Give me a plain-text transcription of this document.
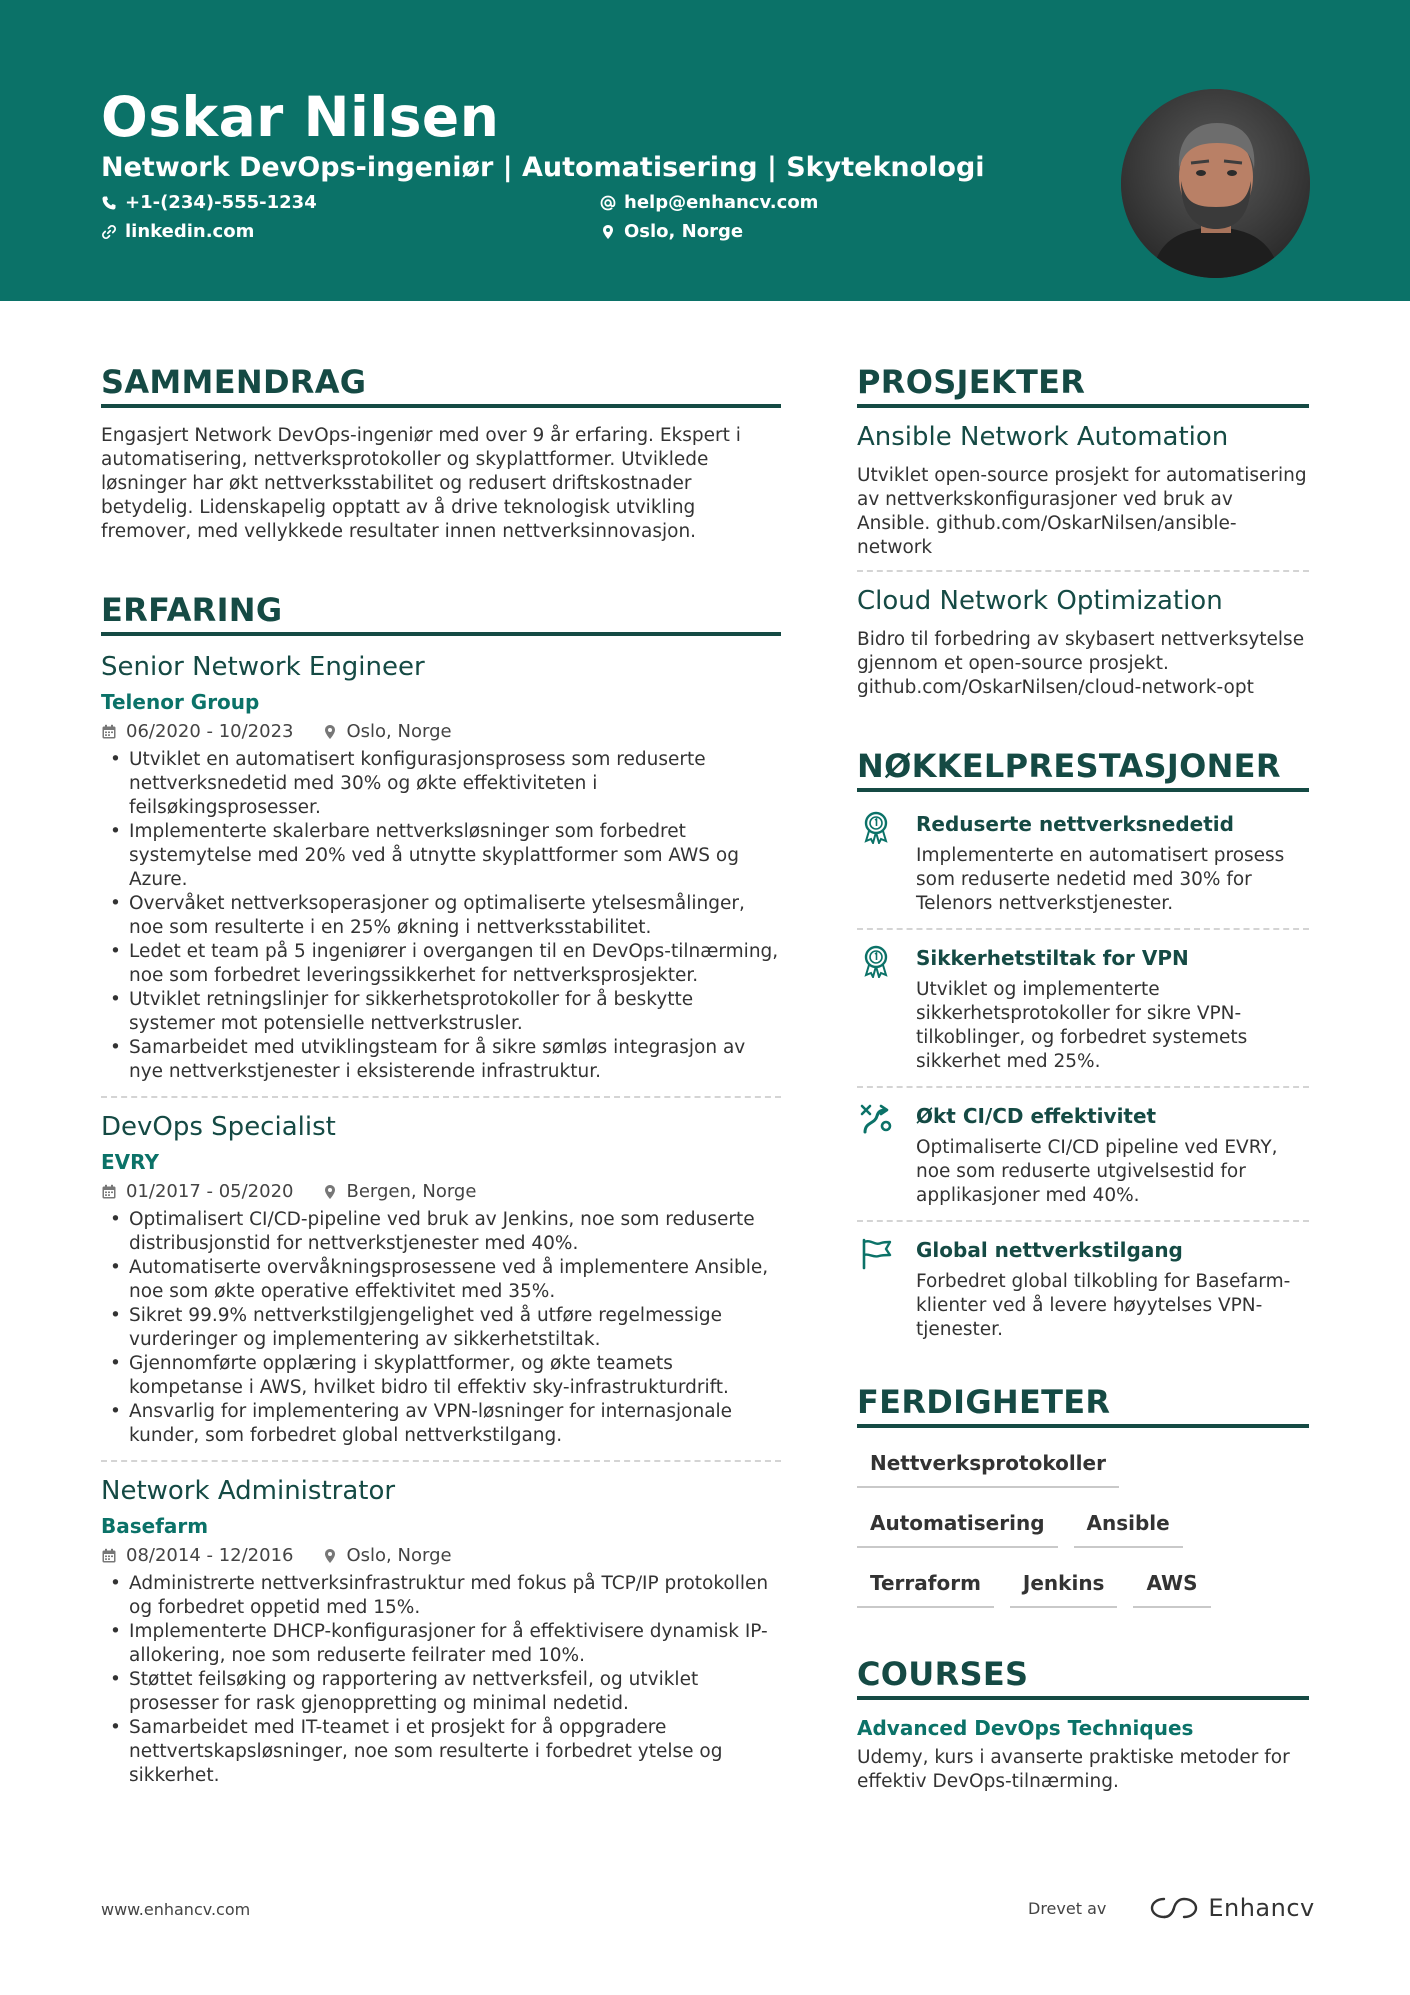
Oskar Nilsen
Network DevOps-ingeniør | Automatisering | Skyteknologi
+1-(234)-555-1234	help@enhancv.com
linkedin.com	Oslo, Norge
SAMMENDRAG
Engasjert Network DevOps-ingeniør med over 9 år erfaring. Ekspert i automatisering, nettverksprotokoller og skyplattformer. Utviklede løsninger har økt nettverksstabilitet og redusert driftskostnader betydelig. Lidenskapelig opptatt av å drive teknologisk utvikling fremover, med vellykkede resultater innen nettverksinnovasjon.
ERFARING
Senior Network Engineer
Telenor Group
06/2020 - 10/2023	Oslo, Norge
• Utviklet en automatisert konfigurasjonsprosess som reduserte nettverksnedetid med 30% og økte effektiviteten i feilsøkingsprosesser.
• Implementerte skalerbare nettverksløsninger som forbedret systemytelse med 20% ved å utnytte skyplattformer som AWS og Azure.
• Overvåket nettverksoperasjoner og optimaliserte ytelsesmålinger, noe som resulterte i en 25% økning i nettverksstabilitet.
• Ledet et team på 5 ingeniører i overgangen til en DevOps-tilnærming, noe som forbedret leveringssikkerhet for nettverksprosjekter.
• Utviklet retningslinjer for sikkerhetsprotokoller for å beskytte systemer mot potensielle nettverkstrusler.
• Samarbeidet med utviklingsteam for å sikre sømløs integrasjon av nye nettverkstjenester i eksisterende infrastruktur.
DevOps Specialist
EVRY
01/2017 - 05/2020	Bergen, Norge
• Optimalisert CI/CD-pipeline ved bruk av Jenkins, noe som reduserte distribusjonstid for nettverkstjenester med 40%.
• Automatiserte overvåkningsprosessene ved å implementere Ansible, noe som økte operative effektivitet med 35%.
• Sikret 99.9% nettverkstilgjengelighet ved å utføre regelmessige vurderinger og implementering av sikkerhetstiltak.
• Gjennomførte opplæring i skyplattformer, og økte teamets kompetanse i AWS, hvilket bidro til effektiv sky-infrastrukturdrift.
• Ansvarlig for implementering av VPN-løsninger for internasjonale kunder, som forbedret global nettverkstilgang.
Network Administrator
Basefarm
08/2014 - 12/2016	Oslo, Norge
• Administrerte nettverksinfrastruktur med fokus på TCP/IP protokollen og forbedret oppetid med 15%.
• Implementerte DHCP-konfigurasjoner for å effektivisere dynamisk IP-allokering, noe som reduserte feilrater med 10%.
• Støttet feilsøking og rapportering av nettverksfeil, og utviklet prosesser for rask gjenoppretting og minimal nedetid.
• Samarbeidet med IT-teamet i et prosjekt for å oppgradere nettvertskapsløsninger, noe som resulterte i forbedret ytelse og sikkerhet.
PROSJEKTER
Ansible Network Automation
Utviklet open-source prosjekt for automatisering av nettverkskonfigurasjoner ved bruk av Ansible. github.com/OskarNilsen/ansible-network
Cloud Network Optimization
Bidro til forbedring av skybasert nettverksytelse gjennom et open-source prosjekt. github.com/OskarNilsen/cloud-network-opt
NØKKELPRESTASJONER
Reduserte nettverksnedetid
Implementerte en automatisert prosess som reduserte nedetid med 30% for Telenors nettverkstjenester.
Sikkerhetstiltak for VPN
Utviklet og implementerte sikkerhetsprotokoller for sikre VPN-tilkoblinger, og forbedret systemets sikkerhet med 25%.
Økt CI/CD effektivitet
Optimaliserte CI/CD pipeline ved EVRY, noe som reduserte utgivelsestid for applikasjoner med 40%.
Global nettverkstilgang
Forbedret global tilkobling for Basefarm-klienter ved å levere høyytelses VPN-tjenester.
FERDIGHETER
Nettverksprotokoller
Automatisering	Ansible
Terraform	Jenkins	AWS
COURSES
Advanced DevOps Techniques
Udemy, kurs i avanserte praktiske metoder for effektiv DevOps-tilnærming.
www.enhancv.com	Drevet av	Enhancv
